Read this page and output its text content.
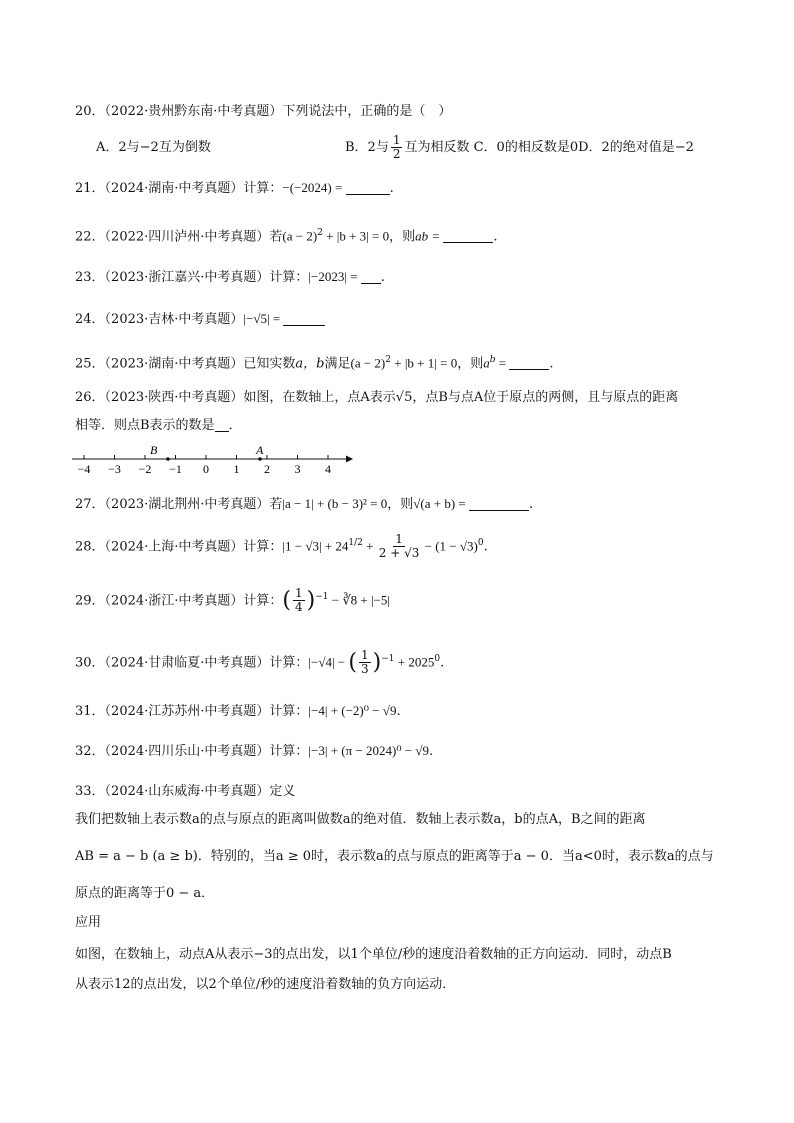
20．（2022·贵州黔东南·中考真题）下列说法中，正确的是（　）
A．2与−2互为倒数	B．2与 $\frac{1}{2}$ 互为相反数 C．0的相反数是0D．2的绝对值是−2
21．（2024·湖南·中考真题）计算：−(−2024) =	.
22．（2022·四川泸州·中考真题）若$(a - 2)^2 + |b + 3| = 0$，则ab =	.
23．（2023·浙江嘉兴·中考真题）计算：|−2023| = .
24．（2023·吉林·中考真题）|−√5| =
25．（2023·湖南·中考真题）已知实数a，b满足$(a - 2)^2 + |b + 1| = 0$，则$a^b$ =	.
26．（2023·陕西·中考真题）如图，在数轴上，点A表示√5，点B与点A位于原点的两侧，且与原点的距离
相等．则点B表示的数是 ．
−4 −3 −2 −1 0 1 2 3 4
B	A
27．（2023·湖北荆州·中考真题）若|a − 1| + (b − 3)² = 0，则√(a + b) =	.
28．（2024·上海·中考真题）计算：$|1 - √3| + 24^{1/2} + \frac{1}{2 + √3} - (1 - √3)^0$.
29．（2024·浙江·中考真题）计算：( $\frac{1}{4} )^{-1}$ − ∛8 + |−5|
30．（2024·甘肃临夏·中考真题）计算：|−√4| − ( $\frac{1}{3} )^{-1} + 2025^0$.
31．（2024·江苏苏州·中考真题）计算：|−4| + (−2)⁰ − √9.
32．（2024·四川乐山·中考真题）计算：|−3| + (π − 2024)⁰ − √9.
33．（2024·山东威海·中考真题）定义
我们把数轴上表示数a的点与原点的距离叫做数a的绝对值．数轴上表示数a，b的点A，B之间的距离
AB = a − b (a ≥ b)．特别的，当a ≥ 0时，表示数a的点与原点的距离等于a − 0．当a<0时，表示数a的点与
原点的距离等于0 − a．
应用
如图，在数轴上，动点A从表示−3的点出发，以1个单位/秒的速度沿着数轴的正方向运动．同时，动点B
从表示12的点出发，以2个单位/秒的速度沿着数轴的负方向运动．
